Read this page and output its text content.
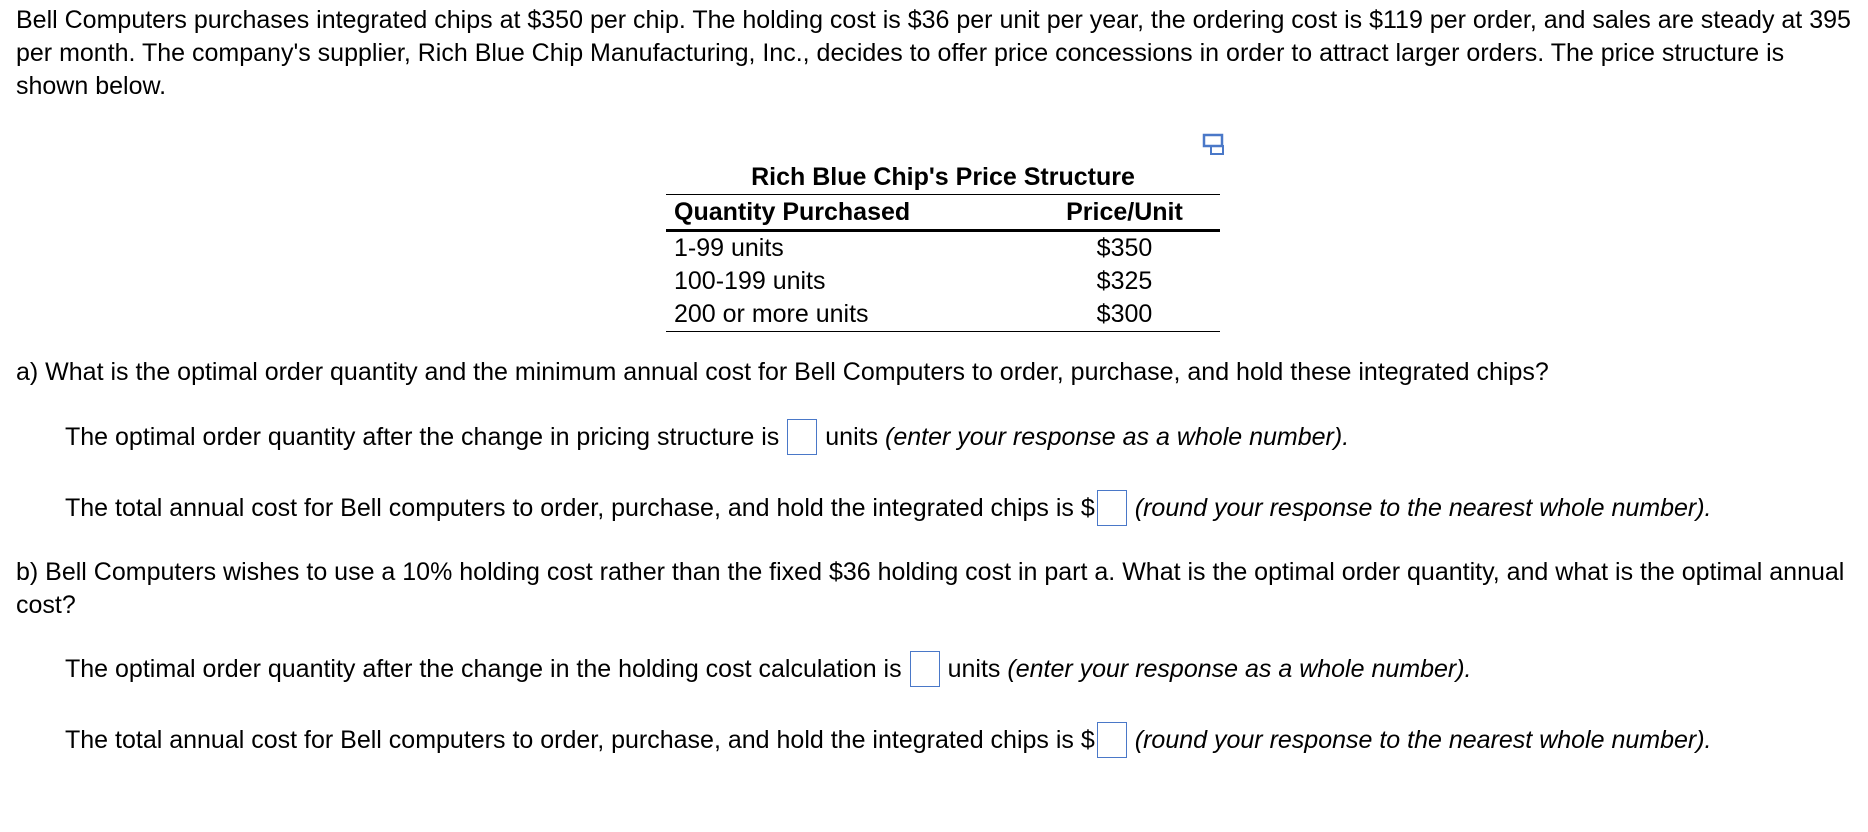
Bell Computers purchases integrated chips at $350 per chip. The holding cost is $36 per unit per year, the ordering cost is $119 per order, and sales are steady at 395 per month. The company's supplier, Rich Blue Chip Manufacturing, Inc., decides to offer price concessions in order to attract larger orders. The price structure is shown below.

Rich Blue Chip's Price Structure
Quantity Purchased	Price/Unit
1-99 units	$350
100-199 units	$325
200 or more units	$300

a) What is the optimal order quantity and the minimum annual cost for Bell Computers to order, purchase, and hold these integrated chips?

The optimal order quantity after the change in pricing structure is units
(enter your response as a whole number).
The total annual cost for Bell computers to order, purchase, and hold the integrated chips is $ (round your response to the nearest whole number).

b) Bell Computers wishes to use a 10% holding cost rather than the fixed $36 holding cost in part a. What is the optimal order quantity, and what is the optimal annual cost?

The optimal order quantity after the change in the holding cost calculation is units
(enter your response as a whole number).
The total annual cost for Bell computers to order, purchase, and hold the integrated chips is $ (round your response to the nearest whole number).
